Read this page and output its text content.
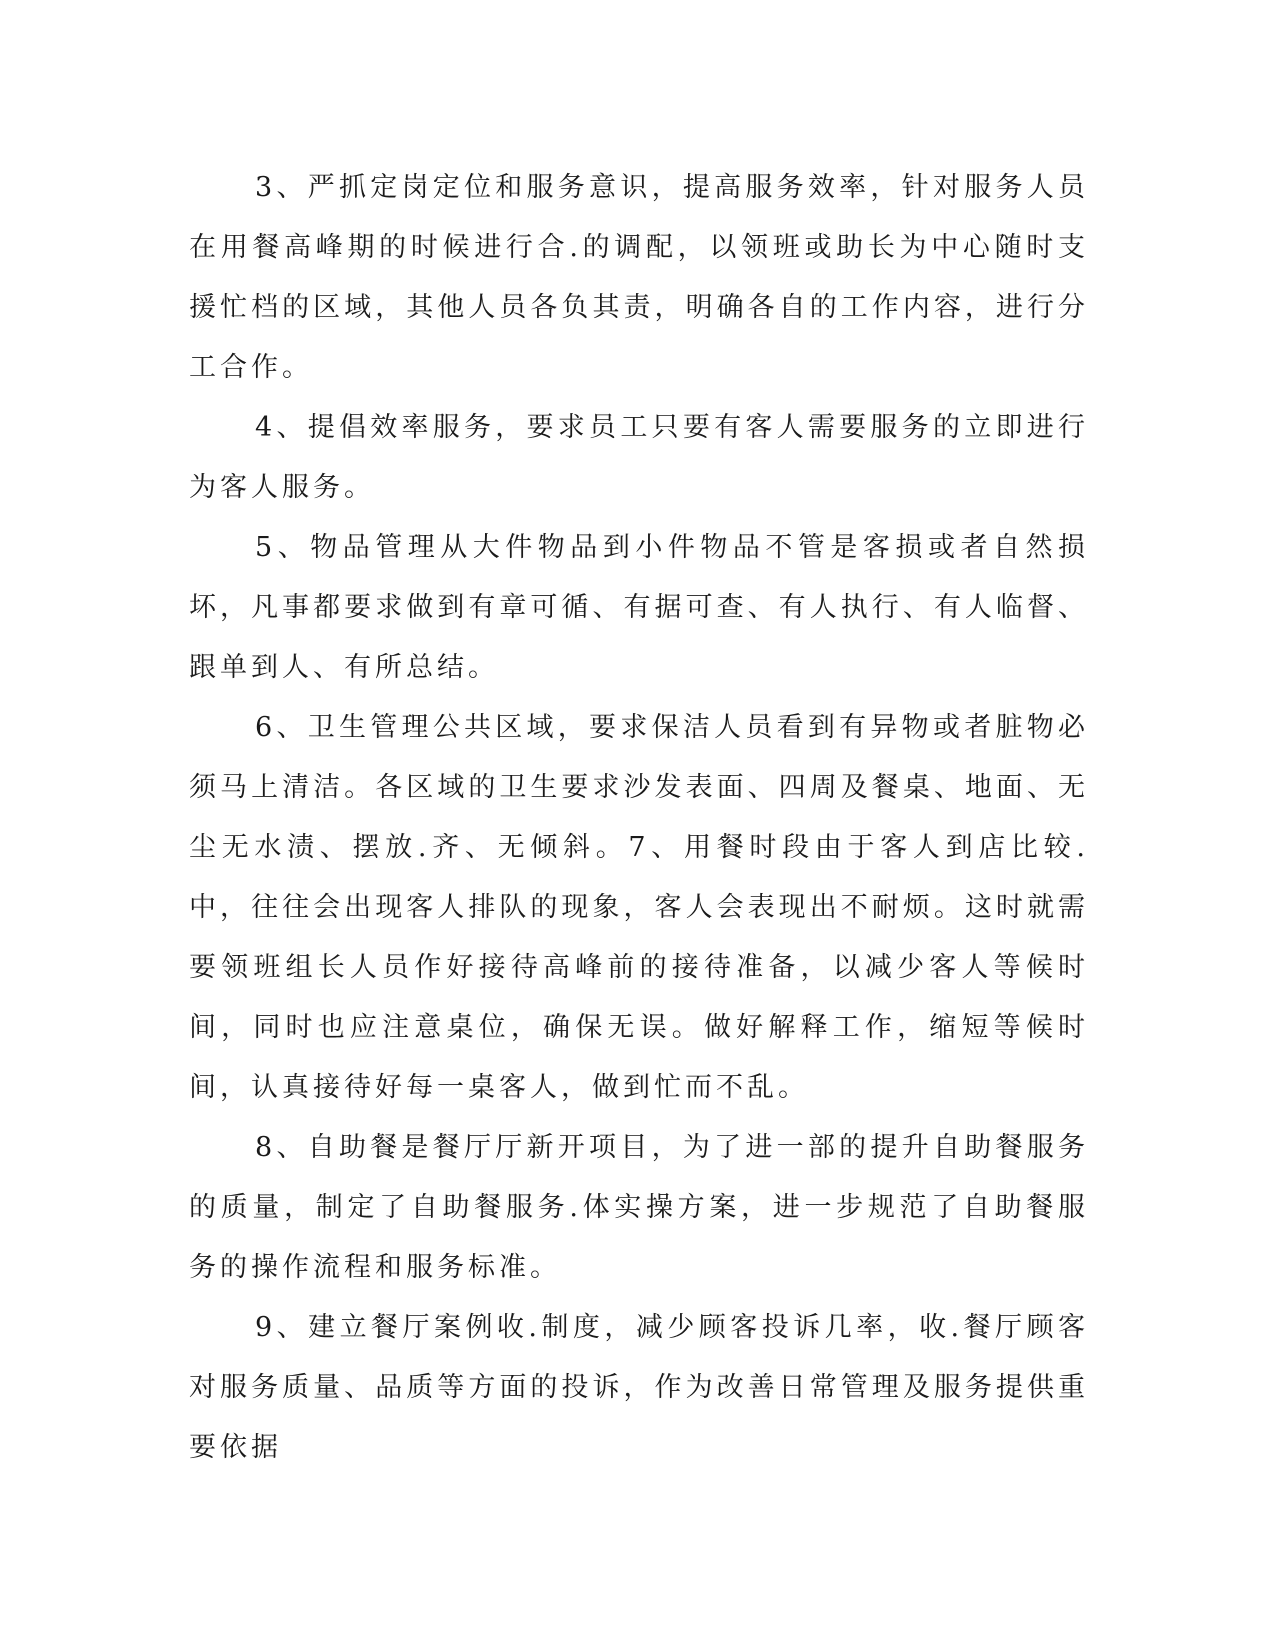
3、严抓定岗定位和服务意识，提高服务效率，针对服务人员在用餐高峰期的时候进行合.的调配，以领班或助长为中心随时支援忙档的区域，其他人员各负其责，明确各自的工作内容，进行分工合作。

4、提倡效率服务，要求员工只要有客人需要服务的立即进行为客人服务。

5、物品管理从大件物品到小件物品不管是客损或者自然损坏，凡事都要求做到有章可循、有据可查、有人执行、有人临督、跟单到人、有所总结。

6、卫生管理公共区域，要求保洁人员看到有异物或者脏物必须马上清洁。各区域的卫生要求沙发表面、四周及餐桌、地面、无尘无水渍、摆放.齐、无倾斜。7、用餐时段由于客人到店比较.中，往往会出现客人排队的现象，客人会表现出不耐烦。这时就需要领班组长人员作好接待高峰前的接待准备，以减少客人等候时间，同时也应注意桌位，确保无误。做好解释工作，缩短等候时间，认真接待好每一桌客人，做到忙而不乱。

8、自助餐是餐厅厅新开项目，为了进一部的提升自助餐服务的质量，制定了自助餐服务.体实操方案，进一步规范了自助餐服务的操作流程和服务标准。

9、建立餐厅案例收.制度，减少顾客投诉几率，收.餐厅顾客对服务质量、品质等方面的投诉，作为改善日常管理及服务提供重要依据
